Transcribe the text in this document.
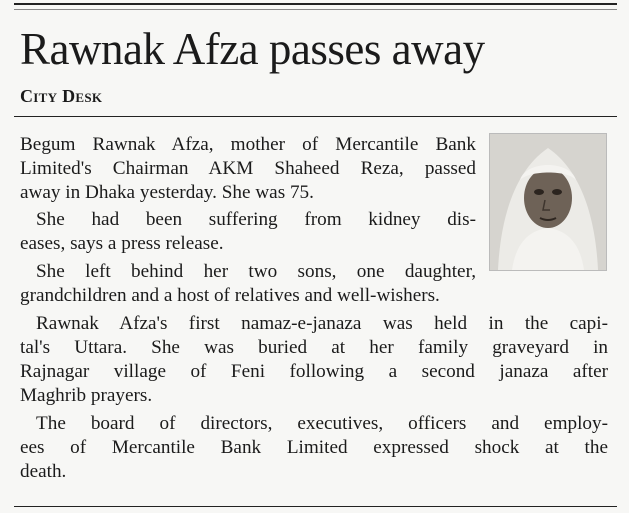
Rawnak Afza passes away
City Desk

Begum Rawnak Afza, mother of Mercantile Bank

Limited's Chairman AKM Shaheed Reza, passed

away in Dhaka yesterday. She was 75.

She had been suffering from kidney dis-

eases, says a press release.

She left behind her two sons, one daughter,

grandchildren and a host of relatives and well-wishers.

Rawnak Afza's first namaz-e-janaza was held in the capi-

tal's Uttara. She was buried at her family graveyard in

Rajnagar village of Feni following a second janaza after

Maghrib prayers.

The board of directors, executives, officers and employ-

ees of Mercantile Bank Limited expressed shock at the

death.
